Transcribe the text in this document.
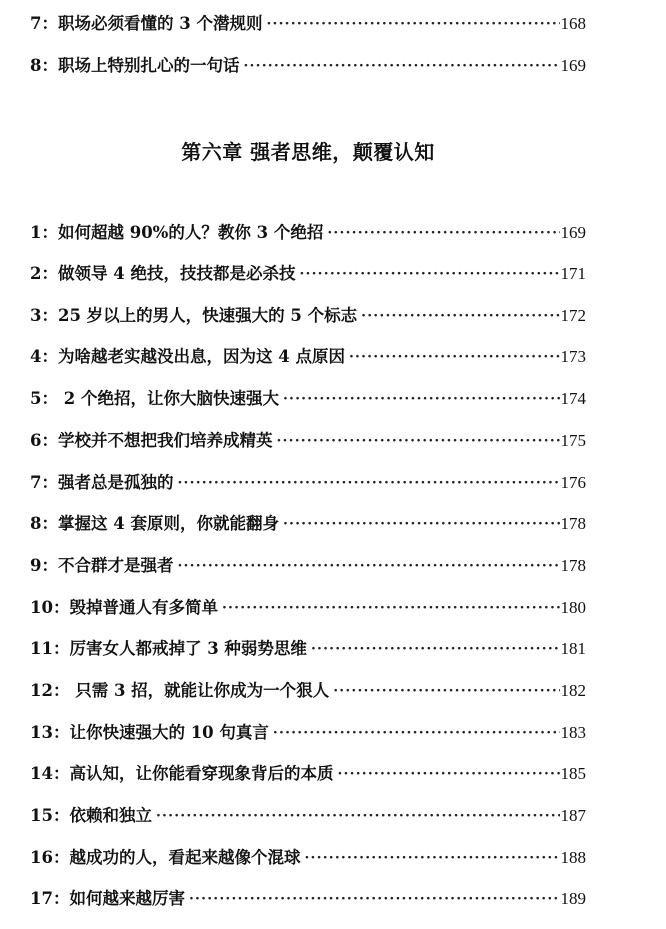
7：职场必须看懂的 3 个潜规则 ·····	168
8：职场上特别扎心的一句话 ·····	169
第六章 强者思维，颠覆认知
1：如何超越 90%的人？教你 3 个绝招 ·····	169
2：做领导 4 绝技，技技都是必杀技 ·····	171
3：25 岁以上的男人，快速强大的 5 个标志 ·····	172
4：为啥越老实越没出息，因为这 4 点原因 ·····	173
5： 2 个绝招，让你大脑快速强大 ·····	174
6：学校并不想把我们培养成精英 ·····	175
7：强者总是孤独的 ·····	176
8：掌握这 4 套原则，你就能翻身 ·····	178
9：不合群才是强者 ·····	178
10：毁掉普通人有多简单 ·····	180
11：厉害女人都戒掉了 3 种弱势思维 ·····	181
12： 只需 3 招，就能让你成为一个狠人 ·····	182
13：让你快速强大的 10 句真言 ·····	183
14：高认知，让你能看穿现象背后的本质 ·····	185
15：依赖和独立 ·····	187
16：越成功的人，看起来越像个混球 ·····	188
17：如何越来越厉害 ·····	189
